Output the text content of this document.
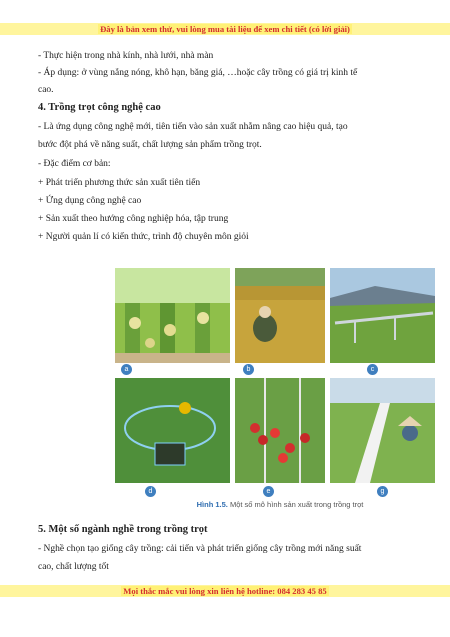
Đây là bản xem thử, vui lòng mua tài liệu để xem chi tiết (có lời giải)
- Thực hiện trong nhà kính, nhà lưới, nhà màn
- Áp dụng: ở vùng nắng nóng, khô hạn, băng giá, …hoặc cây trồng có giá trị kinh tế
cao.
4. Trồng trọt công nghệ cao
- Là ứng dụng công nghệ mới, tiên tiến vào sản xuất nhằm nâng cao hiệu quả, tạo
bước đột phá về năng suất, chất lượng sản phẩm trồng trọt.
- Đặc điểm cơ bản:
+ Phát triển phương thức sản xuất tiên tiến
+ Ứng dụng công nghệ cao
+ Sản xuất theo hướng công nghiệp hóa, tập trung
+ Người quản lí có kiến thức, trình độ chuyên môn giỏi
a	b	c
d	e	g
Hình 1.5. Một số mô hình sản xuất trong trồng trọt
5. Một số ngành nghề trong trồng trọt
- Nghề chọn tạo giống cây trồng: cải tiến và phát triển giống cây trồng mới năng suất
cao, chất lượng tốt
Mọi thắc mắc vui lòng xin liên hệ hotline: 084 283 45 85
